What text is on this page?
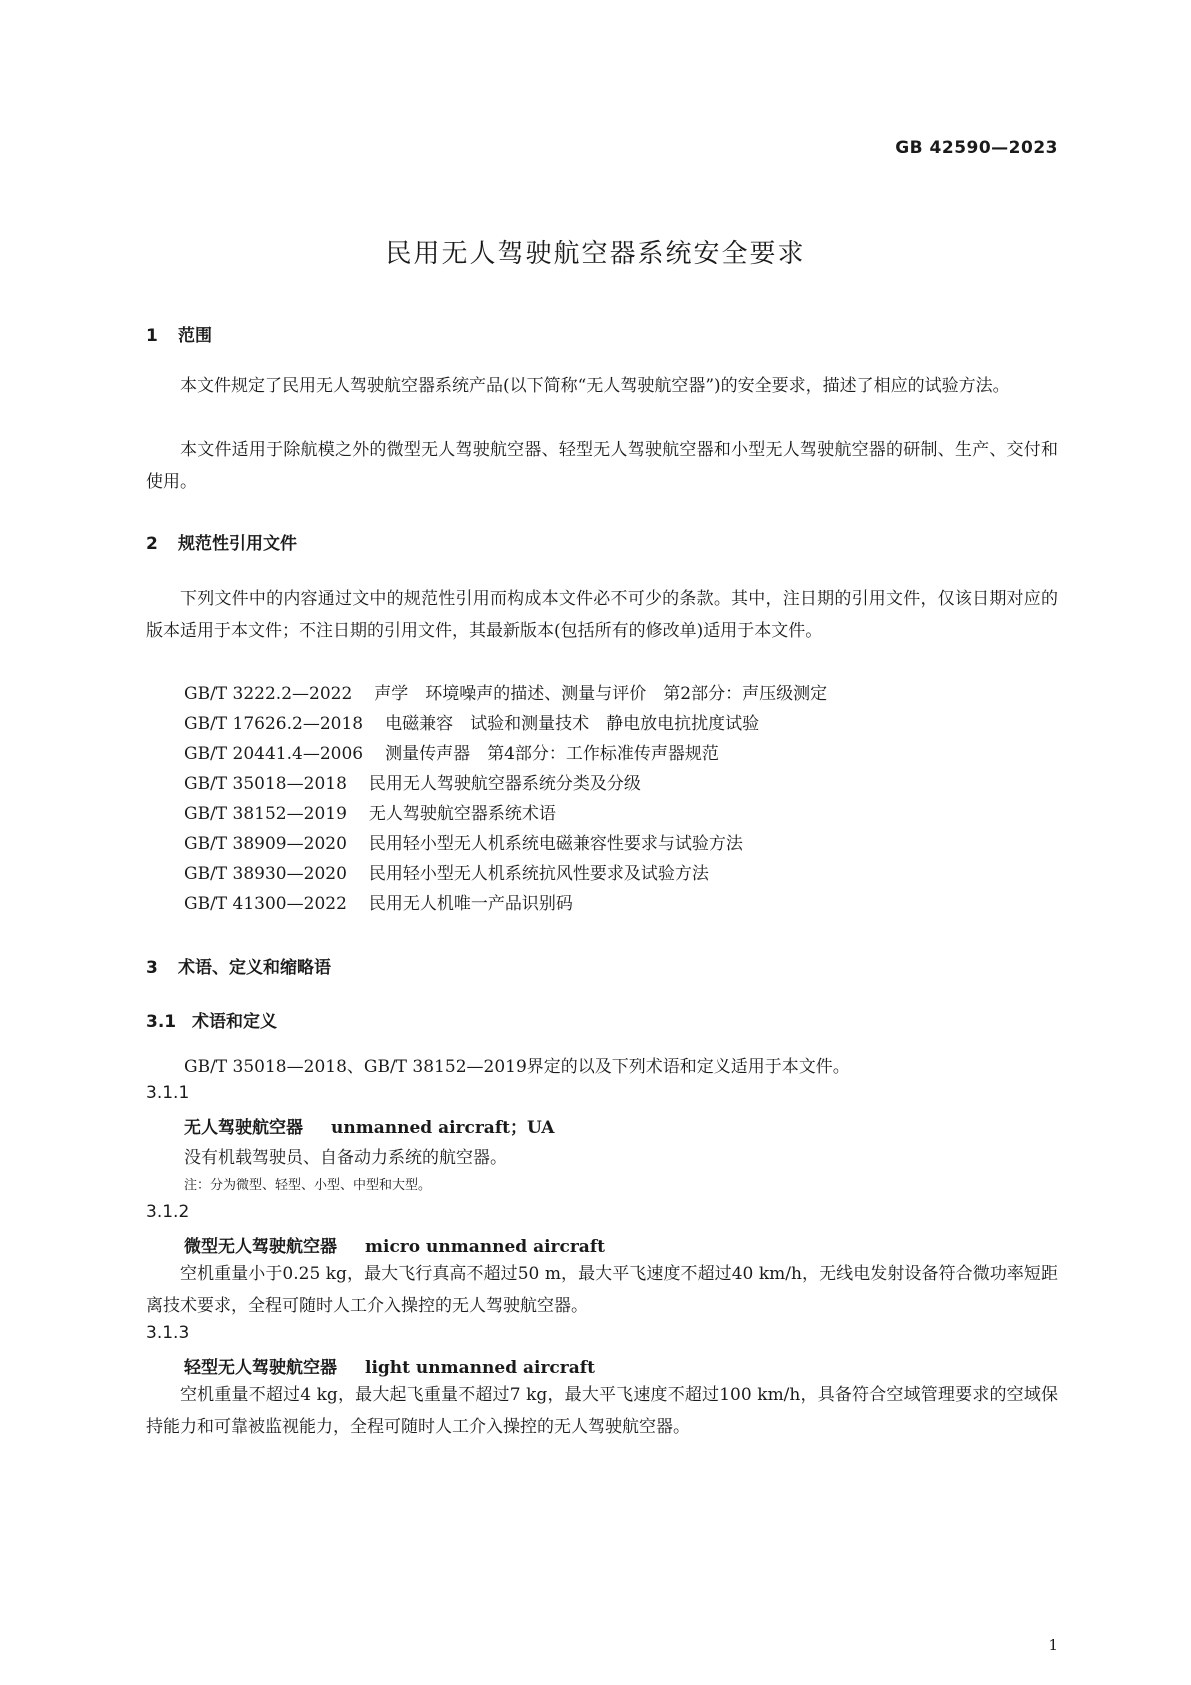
GB 42590—2023
民用无人驾驶航空器系统安全要求
1 范围

本文件规定了民用无人驾驶航空器系统产品(以下简称“无人驾驶航空器”)的安全要求，描述了相应的试验方法。

本文件适用于除航模之外的微型无人驾驶航空器、轻型无人驾驶航空器和小型无人驾驶航空器的研制、生产、交付和使用。

2 规范性引用文件

下列文件中的内容通过文中的规范性引用而构成本文件必不可少的条款。其中，注日期的引用文件，仅该日期对应的版本适用于本文件；不注日期的引用文件，其最新版本(包括所有的修改单)适用于本文件。

GB/T 3222.2—2022 声学　环境噪声的描述、测量与评价　第2部分：声压级测定
GB/T 17626.2—2018 电磁兼容　试验和测量技术　静电放电抗扰度试验
GB/T 20441.4—2006 测量传声器　第4部分：工作标准传声器规范
GB/T 35018—2018 民用无人驾驶航空器系统分类及分级
GB/T 38152—2019 无人驾驶航空器系统术语
GB/T 38909—2020 民用轻小型无人机系统电磁兼容性要求与试验方法
GB/T 38930—2020 民用轻小型无人机系统抗风性要求及试验方法
GB/T 41300—2022 民用无人机唯一产品识别码
3 术语、定义和缩略语
3.1 术语和定义
GB/T 35018—2018、GB/T 38152—2019界定的以及下列术语和定义适用于本文件。
3.1.1
无人驾驶航空器 unmanned aircraft；UA
没有机载驾驶员、自备动力系统的航空器。
注：分为微型、轻型、小型、中型和大型。
3.1.2
微型无人驾驶航空器 micro unmanned aircraft

空机重量小于0.25 kg，最大飞行真高不超过50 m，最大平飞速度不超过40 km/h，无线电发射设备符合微功率短距离技术要求，全程可随时人工介入操控的无人驾驶航空器。

3.1.3
轻型无人驾驶航空器 light unmanned aircraft

空机重量不超过4 kg，最大起飞重量不超过7 kg，最大平飞速度不超过100 km/h，具备符合空域管理要求的空域保持能力和可靠被监视能力，全程可随时人工介入操控的无人驾驶航空器。

1
